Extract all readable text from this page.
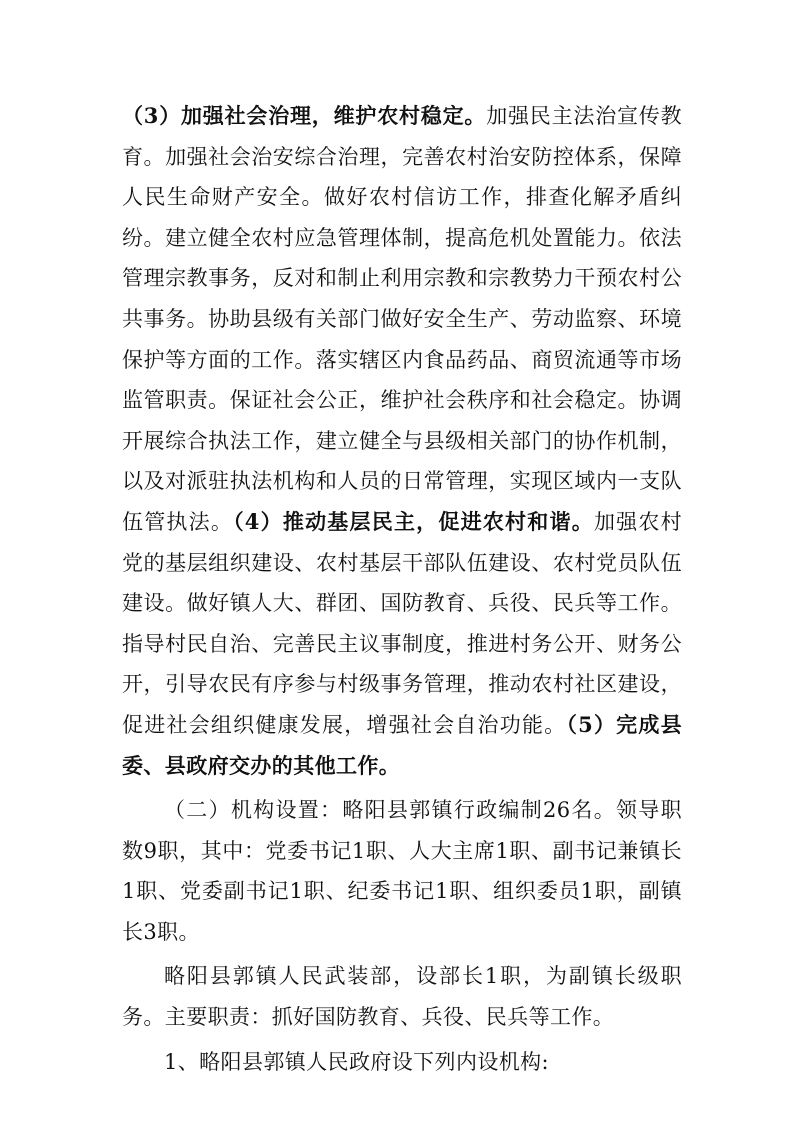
（3）加强社会治理，维护农村稳定。加强民主法治宣传教育。加强社会治安综合治理，完善农村治安防控体系，保障人民生命财产安全。做好农村信访工作，排查化解矛盾纠纷。建立健全农村应急管理体制，提高危机处置能力。依法管理宗教事务，反对和制止利用宗教和宗教势力干预农村公共事务。协助县级有关部门做好安全生产、劳动监察、环境保护等方面的工作。落实辖区内食品药品、商贸流通等市场监管职责。保证社会公正，维护社会秩序和社会稳定。协调开展综合执法工作，建立健全与县级相关部门的协作机制，以及对派驻执法机构和人员的日常管理，实现区域内一支队伍管执法。（4）推动基层民主，促进农村和谐。加强农村党的基层组织建设、农村基层干部队伍建设、农村党员队伍建设。做好镇人大、群团、国防教育、兵役、民兵等工作。指导村民自治、完善民主议事制度，推进村务公开、财务公开，引导农民有序参与村级事务管理，推动农村社区建设，促进社会组织健康发展，增强社会自治功能。（5）完成县委、县政府交办的其他工作。

（二）机构设置：略阳县郭镇行政编制26名。领导职数9职，其中：党委书记1职、人大主席1职、副书记兼镇长1职、党委副书记1职、纪委书记1职、组织委员1职，副镇长3职。

略阳县郭镇人民武装部，设部长1职，为副镇长级职务。主要职责：抓好国防教育、兵役、民兵等工作。

1、略阳县郭镇人民政府设下列内设机构:
